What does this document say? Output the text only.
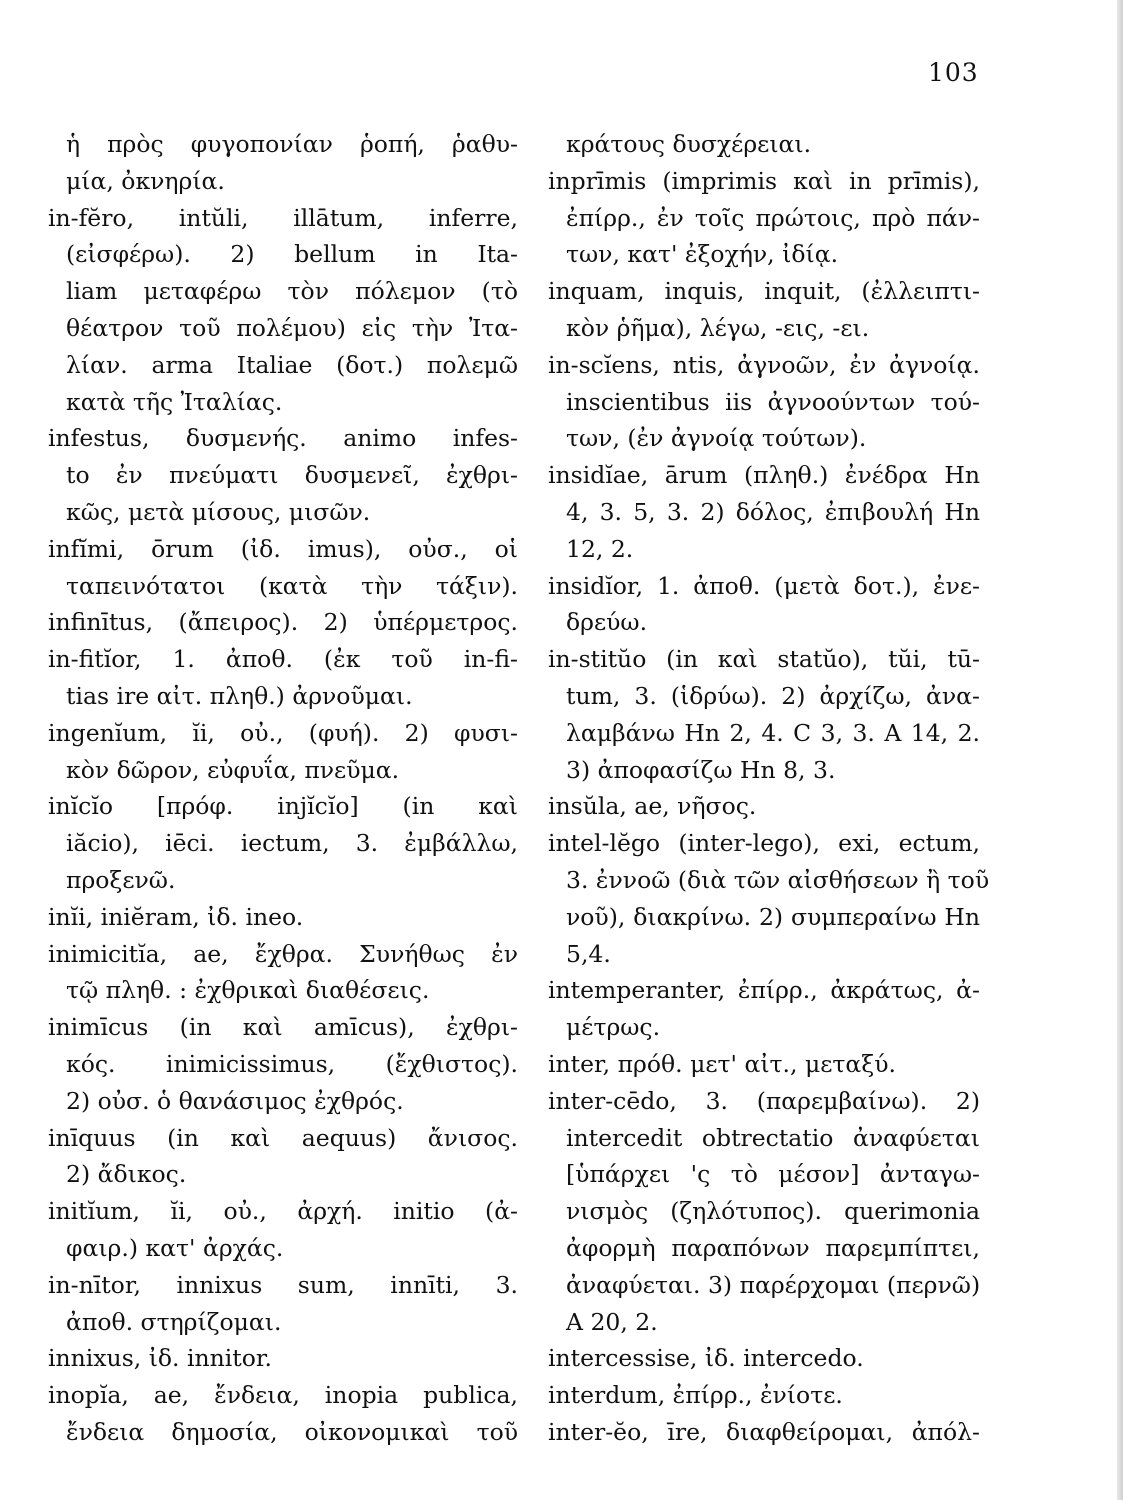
103
ἡ πρὸς φυγοπονίαν ῥοπή, ῥαθυ-
μία, ὀκνηρία.
in-fĕro, intŭli, illātum, inferre,
(εἰσφέρω). 2) bellum in Ita-
liam μεταφέρω τὸν πόλεμον (τὸ
θέατρον τοῦ πολέμου) εἰς τὴν Ἰτα-
λίαν. arma Italiae (δοτ.) πολεμῶ
κατὰ τῆς Ἰταλίας.
infestus, δυσμενής. animo infes-
to ἐν πνεύματι δυσμενεῖ, ἐχθρι-
κῶς, μετὰ μίσους, μισῶν.
infĭmi, ōrum (ἰδ. imus), οὐσ., οἱ
ταπεινότατοι (κατὰ τὴν τάξιν).
infinītus, (ἄπειρος). 2) ὑπέρμετρος.
in-fitĭor, 1. ἀποθ. (ἐκ τοῦ in-fi-
tias ire αἰτ. πληθ.) ἀρνοῦμαι.
ingenĭum, ĭi, οὐ., (φυή). 2) φυσι-
κὸν δῶρον, εὐφυΐα, πνεῦμα.
inĭcĭo [πρόφ. injĭcĭo] (in καὶ
iăcio), iēci. iectum, 3. ἐμβάλλω,
προξενῶ.
inĭi, iniĕram, ἰδ. ineo.
inimicitĭa, ae, ἔχθρα. Συνήθως ἐν
τῷ πληθ. : ἐχθρικαὶ διαθέσεις.
inimīcus (in καὶ amīcus), ἐχθρι-
κός. inimicissimus, (ἔχθιστος).
2) οὐσ. ὁ θανάσιμος ἐχθρός.
inīquus (in καὶ aequus) ἄνισος.
2) ἄδικος.
initĭum, ĭi, οὐ., ἀρχή. initio (ἀ-
φαιρ.) κατ' ἀρχάς.
in-nītor, innixus sum, innīti, 3.
ἀποθ. στηρίζομαι.
innixus, ἰδ. innitor.
inopĭa, ae, ἔνδεια, inopia publica,
ἔνδεια δημοσία, οἰκονομικαὶ τοῦ
κράτους δυσχέρειαι.
inprīmis (imprimis καὶ in prīmis),
ἐπίρρ., ἐν τοῖς πρώτοις, πρὸ πάν-
των, κατ' ἐξοχήν, ἰδίᾳ.
inquam, inquis, inquit, (ἐλλειπτι-
κὸν ῥῆμα), λέγω, -εις, -ει.
in-scĭens, ntis, ἀγνοῶν, ἐν ἀγνοίᾳ.
inscientibus iis ἀγνοούντων τού-
των, (ἐν ἀγνοίᾳ τούτων).
insidĭae, ārum (πληθ.) ἐνέδρα Hn
4, 3. 5, 3. 2) δόλος, ἐπιβουλή Hn
12, 2.
insidĭor, 1. ἀποθ. (μετὰ δοτ.), ἐνε-
δρεύω.
in-stitŭo (in καὶ statŭo), tŭi, tū-
tum, 3. (ἱδρύω). 2) ἀρχίζω, ἀνα-
λαμβάνω Hn 2, 4. C 3, 3. A 14, 2.
3) ἀποφασίζω Hn 8, 3.
insŭla, ae, νῆσος.
intel-lĕgo (inter-lego), exi, ectum,
3. ἐννοῶ (διὰ τῶν αἰσθήσεων ἢ τοῦ
νοῦ), διακρίνω. 2) συμπεραίνω Hn
5,4.
intemperanter, ἐπίρρ., ἀκράτως, ἀ-
μέτρως.
inter, πρόθ. μετ' αἰτ., μεταξύ.
inter-cēdo, 3. (παρεμβαίνω). 2)
intercedit obtrectatio ἀναφύεται
[ὑπάρχει 'ς τὸ μέσον] ἀνταγω-
νισμὸς (ζηλότυπος). querimonia
ἀφορμὴ παραπόνων παρεμπίπτει,
ἀναφύεται. 3) παρέρχομαι (περνῶ)
A 20, 2.
intercessise, ἰδ. intercedo.
interdum, ἐπίρρ., ἐνίοτε.
inter-ĕo, īre, διαφθείρομαι, ἀπόλ-
